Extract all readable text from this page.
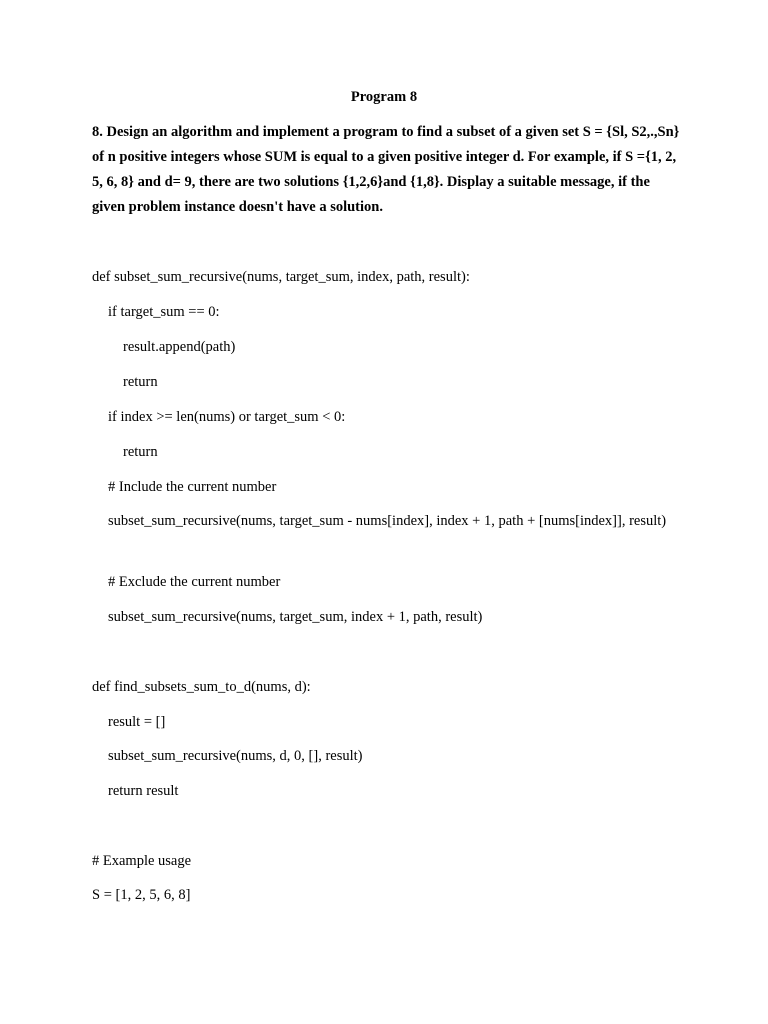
Program 8

8. Design an algorithm and implement a program to find a subset of a given set S = {Sl, S2,.,Sn} of n positive integers whose SUM is equal to a given positive integer d. For example, if S ={1, 2, 5, 6, 8} and d= 9, there are two solutions {1,2,6}and {1,8}. Display a suitable message, if the given problem instance doesn't have a solution.

def subset_sum_recursive(nums, target_sum, index, path, result):

if target_sum == 0:

result.append(path)

return

if index >= len(nums) or target_sum < 0:

return

# Include the current number

subset_sum_recursive(nums, target_sum - nums[index], index + 1, path + [nums[index]], result)

# Exclude the current number

subset_sum_recursive(nums, target_sum, index + 1, path, result)

def find_subsets_sum_to_d(nums, d):

result = []

subset_sum_recursive(nums, d, 0, [], result)

return result

# Example usage

S = [1, 2, 5, 6, 8]
